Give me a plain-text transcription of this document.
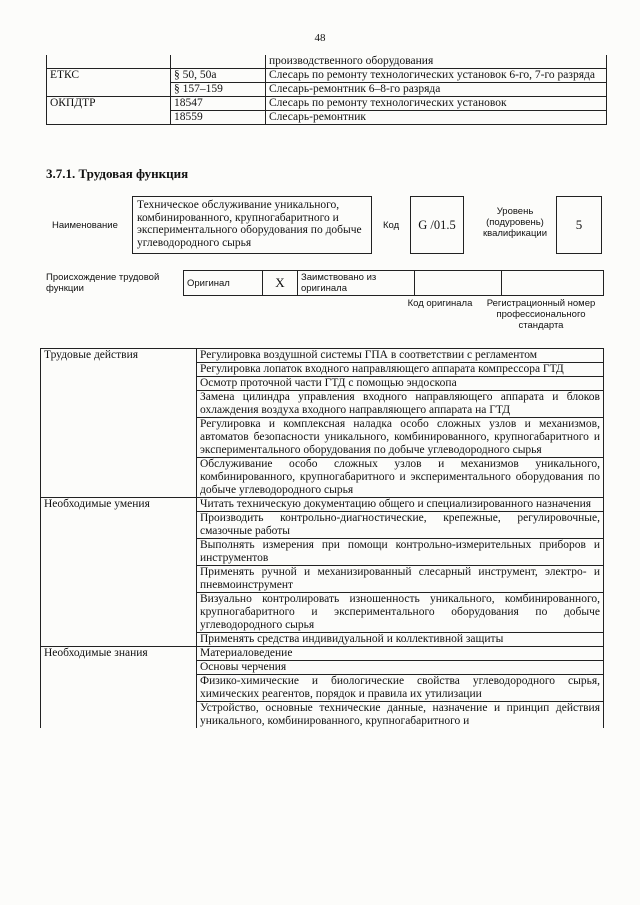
48
		производственного оборудования
ЕТКС	§ 50, 50а	Слесарь по ремонту технологических установок 6-го, 7-го разряда
	§ 157–159	Слесарь-ремонтник 6–8-го разряда
ОКПДТР	18547	Слесарь по ремонту технологических установок
	18559	Слесарь-ремонтник
3.7.1. Трудовая функция
Наименование
Техническое обслуживание уникального, комбинированного, крупногабаритного и экспериментального оборудования по добыче углеводородного сырья
Код	G /01.5
Уровень (подуровень) квалификации
5
Происхождение трудовой функции	Оригинал	X	Заимствовано из оригинала		
Код оригинала	Регистрационный номер профессионального стандарта
Трудовые действия	Регулировка воздушной системы ГПА в соответствии с регламентом
	Регулировка лопаток входного направляющего аппарата компрессора ГТД
	Осмотр проточной части ГТД с помощью эндоскопа
	Замена цилиндра управления входного направляющего аппарата и блоков охлаждения воздуха входного направляющего аппарата на ГТД
	Регулировка и комплексная наладка особо сложных узлов и механизмов, автоматов безопасности уникального, комбинированного, крупногабаритного и экспериментального оборудования по добыче углеводородного сырья
	Обслуживание особо сложных узлов и механизмов уникального, комбинированного, крупногабаритного и экспериментального оборудования по добыче углеводородного сырья
Необходимые умения	Читать техническую документацию общего и специализированного назначения
	Производить контрольно-диагностические, крепежные, регулировочные, смазочные работы
	Выполнять измерения при помощи контрольно-измерительных приборов и инструментов
	Применять ручной и механизированный слесарный инструмент, электро- и пневмоинструмент
	Визуально контролировать изношенность уникального, комбинированного, крупногабаритного и экспериментального оборудования по добыче углеводородного сырья
	Применять средства индивидуальной и коллективной защиты
Необходимые знания	Материаловедение
	Основы черчения
	Физико-химические и биологические свойства углеводородного сырья, химических реагентов, порядок и правила их утилизации
	Устройство, основные технические данные, назначение и принцип действия уникального, комбинированного, крупногабаритного и
